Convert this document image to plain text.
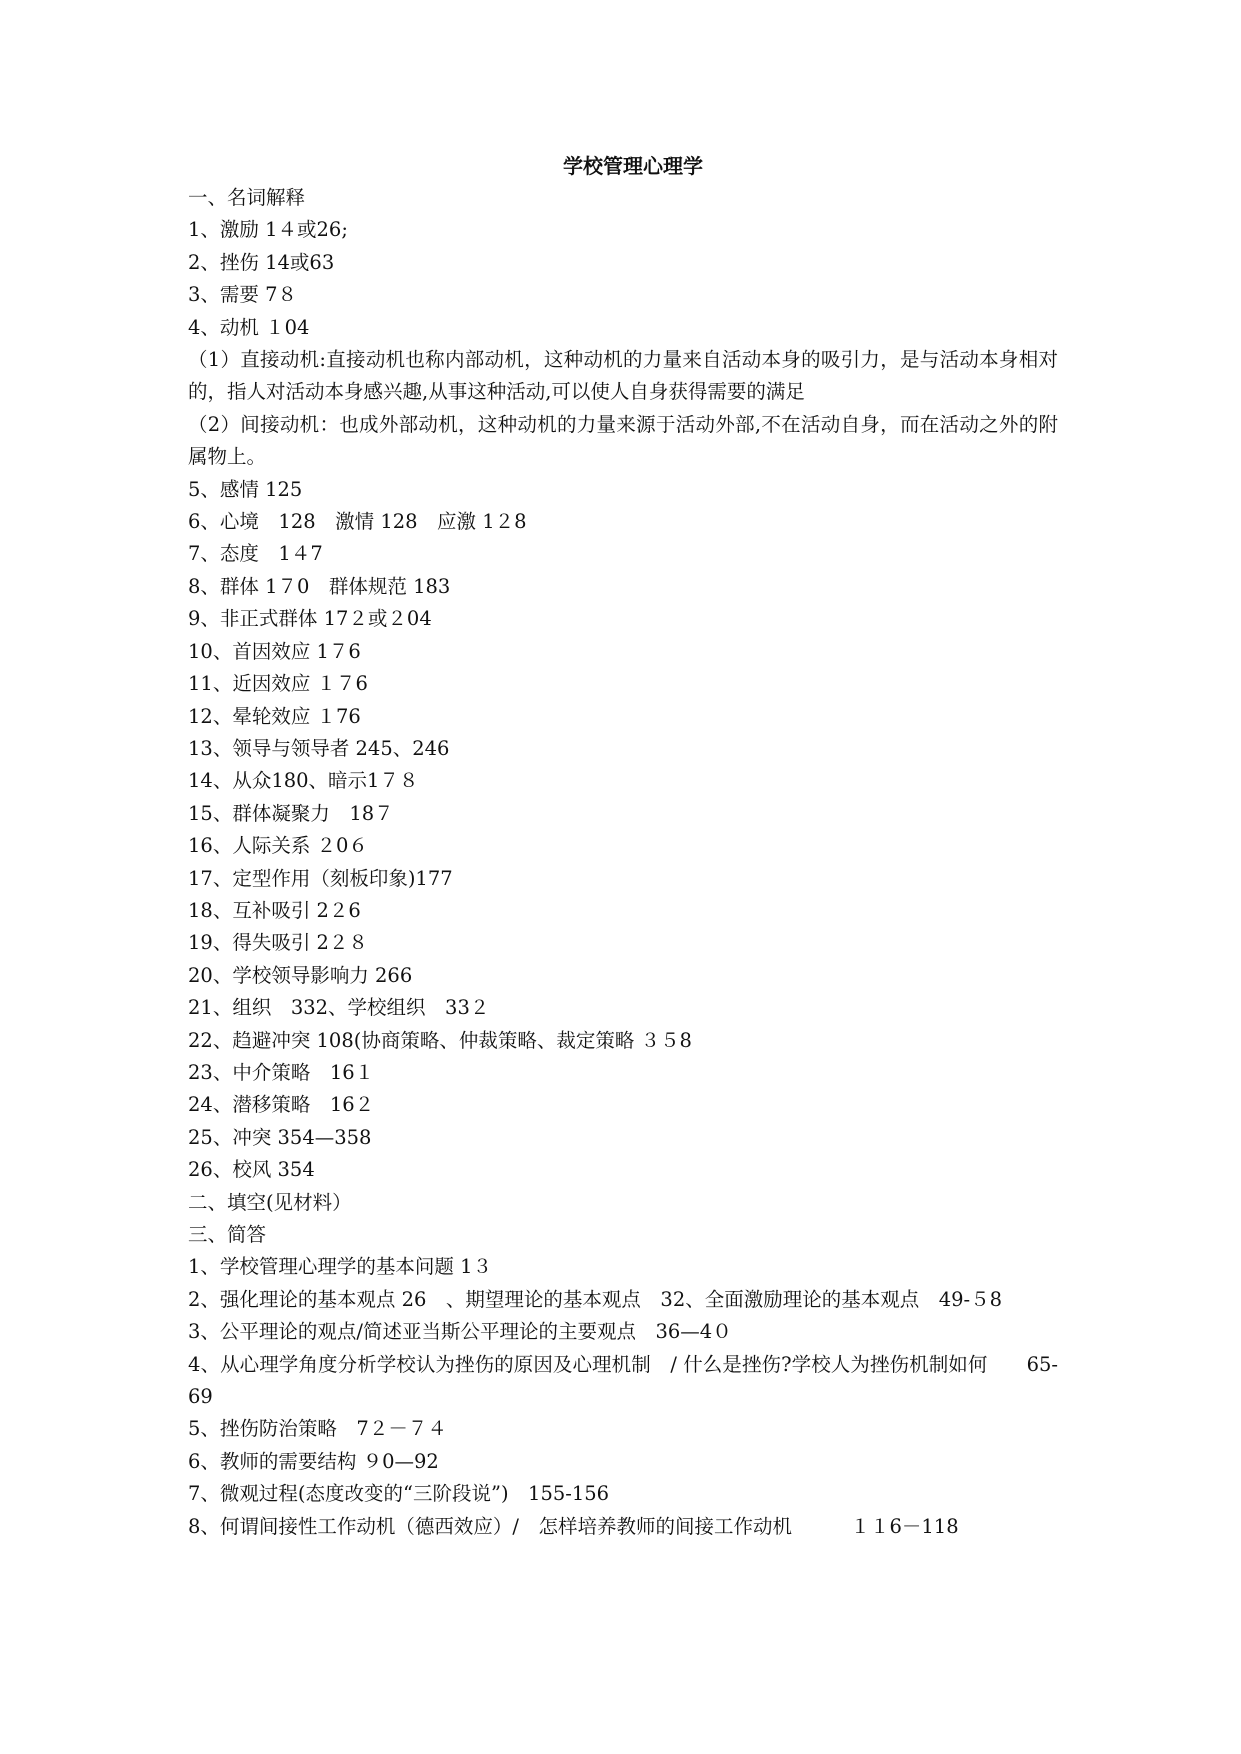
学校管理心理学

一、名词解释

1、激励 1４或26;

2、挫伤 14或63

3、需要 7８

4、动机 １04

（1）直接动机:直接动机也称内部动机，这种动机的力量来自活动本身的吸引力，是与活动本身相对的，指人对活动本身感兴趣,从事这种活动,可以使人自身获得需要的满足

（2）间接动机：也成外部动机，这种动机的力量来源于活动外部,不在活动自身，而在活动之外的附属物上。

5、感情 125

6、心境　128　激情 128　应激 1２8

7、态度　1４7

8、群体 1７0　群体规范 183

9、非正式群体 17２或２04

10、首因效应 1７6

11、近因效应 １７6

12、晕轮效应 １76

13、领导与领导者 245、246

14、从众180、暗示1７８

15、群体凝聚力　18７

16、人际关系 ２0６

17、定型作用（刻板印象)177

18、互补吸引 2２6

19、得失吸引 2２８

20、学校领导影响力 266

21、组织　332、学校组织　33２

22、趋避冲突 108(协商策略、仲裁策略、裁定策略 ３５8

23、中介策略　16１

24、潜移策略　16２

25、冲突 354—358

26、校风 354

二、填空(见材料）

三、简答

1、学校管理心理学的基本问题 1３

2、强化理论的基本观点 26　、期望理论的基本观点　32、全面激励理论的基本观点　49-５8

3、公平理论的观点/简述亚当斯公平理论的主要观点　36—4０

4、从心理学角度分析学校认为挫伤的原因及心理机制　/ 什么是挫伤?学校人为挫伤机制如何　　65-69

5、挫伤防治策略　7２－７４

6、教师的需要结构 ９0—92

7、微观过程(态度改变的“三阶段说”)　155-156

8、何谓间接性工作动机（德西效应）/　怎样培养教师的间接工作动机　　　１１6－118
